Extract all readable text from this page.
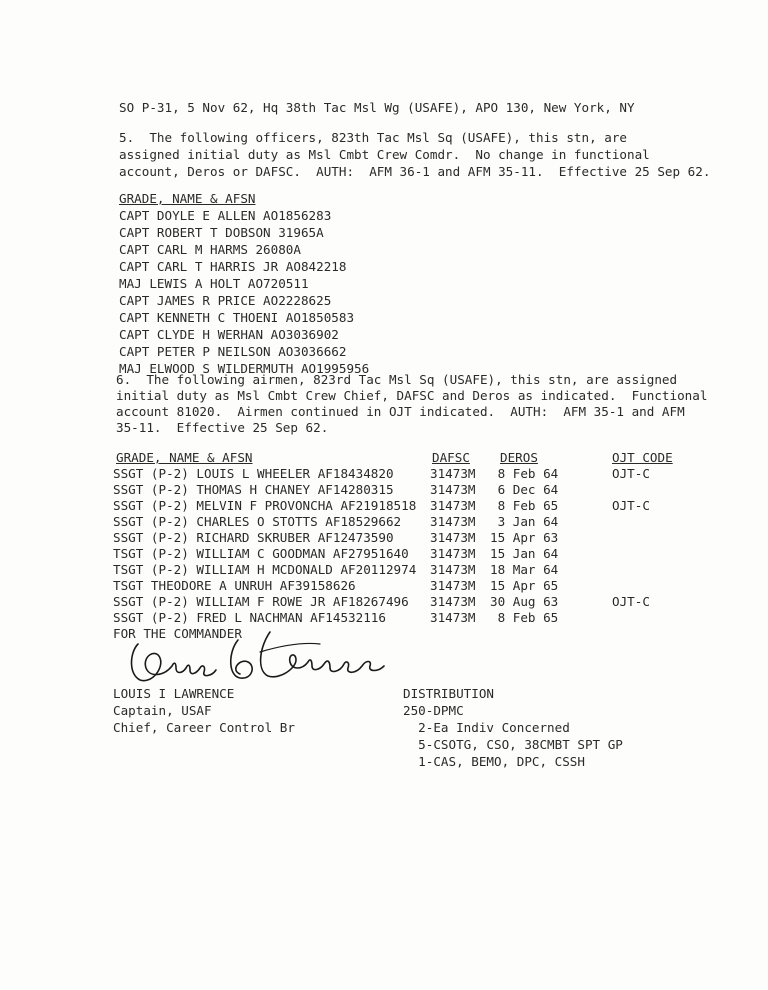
SO P-31, 5 Nov 62, Hq 38th Tac Msl Wg (USAFE), APO 130, New York, NY
5.  The following officers, 823th Tac Msl Sq (USAFE), this stn, are
assigned initial duty as Msl Cmbt Crew Comdr.  No change in functional
account, Deros or DAFSC.  AUTH:  AFM 36-1 and AFM 35-11.  Effective 25 Sep 62.
GRADE, NAME & AFSN
CAPT DOYLE E ALLEN AO1856283
CAPT ROBERT T DOBSON 31965A
CAPT CARL M HARMS 26080A
CAPT CARL T HARRIS JR AO842218
MAJ LEWIS A HOLT AO720511
CAPT JAMES R PRICE AO2228625
CAPT KENNETH C THOENI AO1850583
CAPT CLYDE H WERHAN AO3036902
CAPT PETER P NEILSON AO3036662
MAJ ELWOOD S WILDERMUTH AO1995956
6.  The following airmen, 823rd Tac Msl Sq (USAFE), this stn, are assigned
initial duty as Msl Cmbt Crew Chief, DAFSC and Deros as indicated.  Functional
account 81020.  Airmen continued in OJT indicated.  AUTH:  AFM 35-1 and AFM
35-11.  Effective 25 Sep 62.
GRADE, NAME & AFSN	DAFSC DEROS	OJT CODE
SSGT (P-2) LOUIS L WHEELER AF18434820	31473M 8 Feb 64	OJT-C
SSGT (P-2) THOMAS H CHANEY AF14280315	31473M 6 Dec 64
SSGT (P-2) MELVIN F PROVONCHA AF21918518 31473M 8 Feb 65	OJT-C
SSGT (P-2) CHARLES O STOTTS AF18529662 31473M 3 Jan 64
SSGT (P-2) RICHARD SKRUBER AF12473590	31473M 15 Apr 63
TSGT (P-2) WILLIAM C GOODMAN AF27951640 31473M 15 Jan 64
TSGT (P-2) WILLIAM H MCDONALD AF20112974 31473M 18 Mar 64
TSGT THEODORE A UNRUH AF39158626	31473M 15 Apr 65
SSGT (P-2) WILLIAM F ROWE JR AF18267496 31473M 30 Aug 63	OJT-C
SSGT (P-2) FRED L NACHMAN AF14532116	31473M 8 Feb 65
FOR THE COMMANDER
LOUIS I LAWRENCE
Captain, USAF
Chief, Career Control Br
DISTRIBUTION
250-DPMC
2-Ea Indiv Concerned
5-CSOTG, CSO, 38CMBT SPT GP
1-CAS, BEMO, DPC, CSSH
